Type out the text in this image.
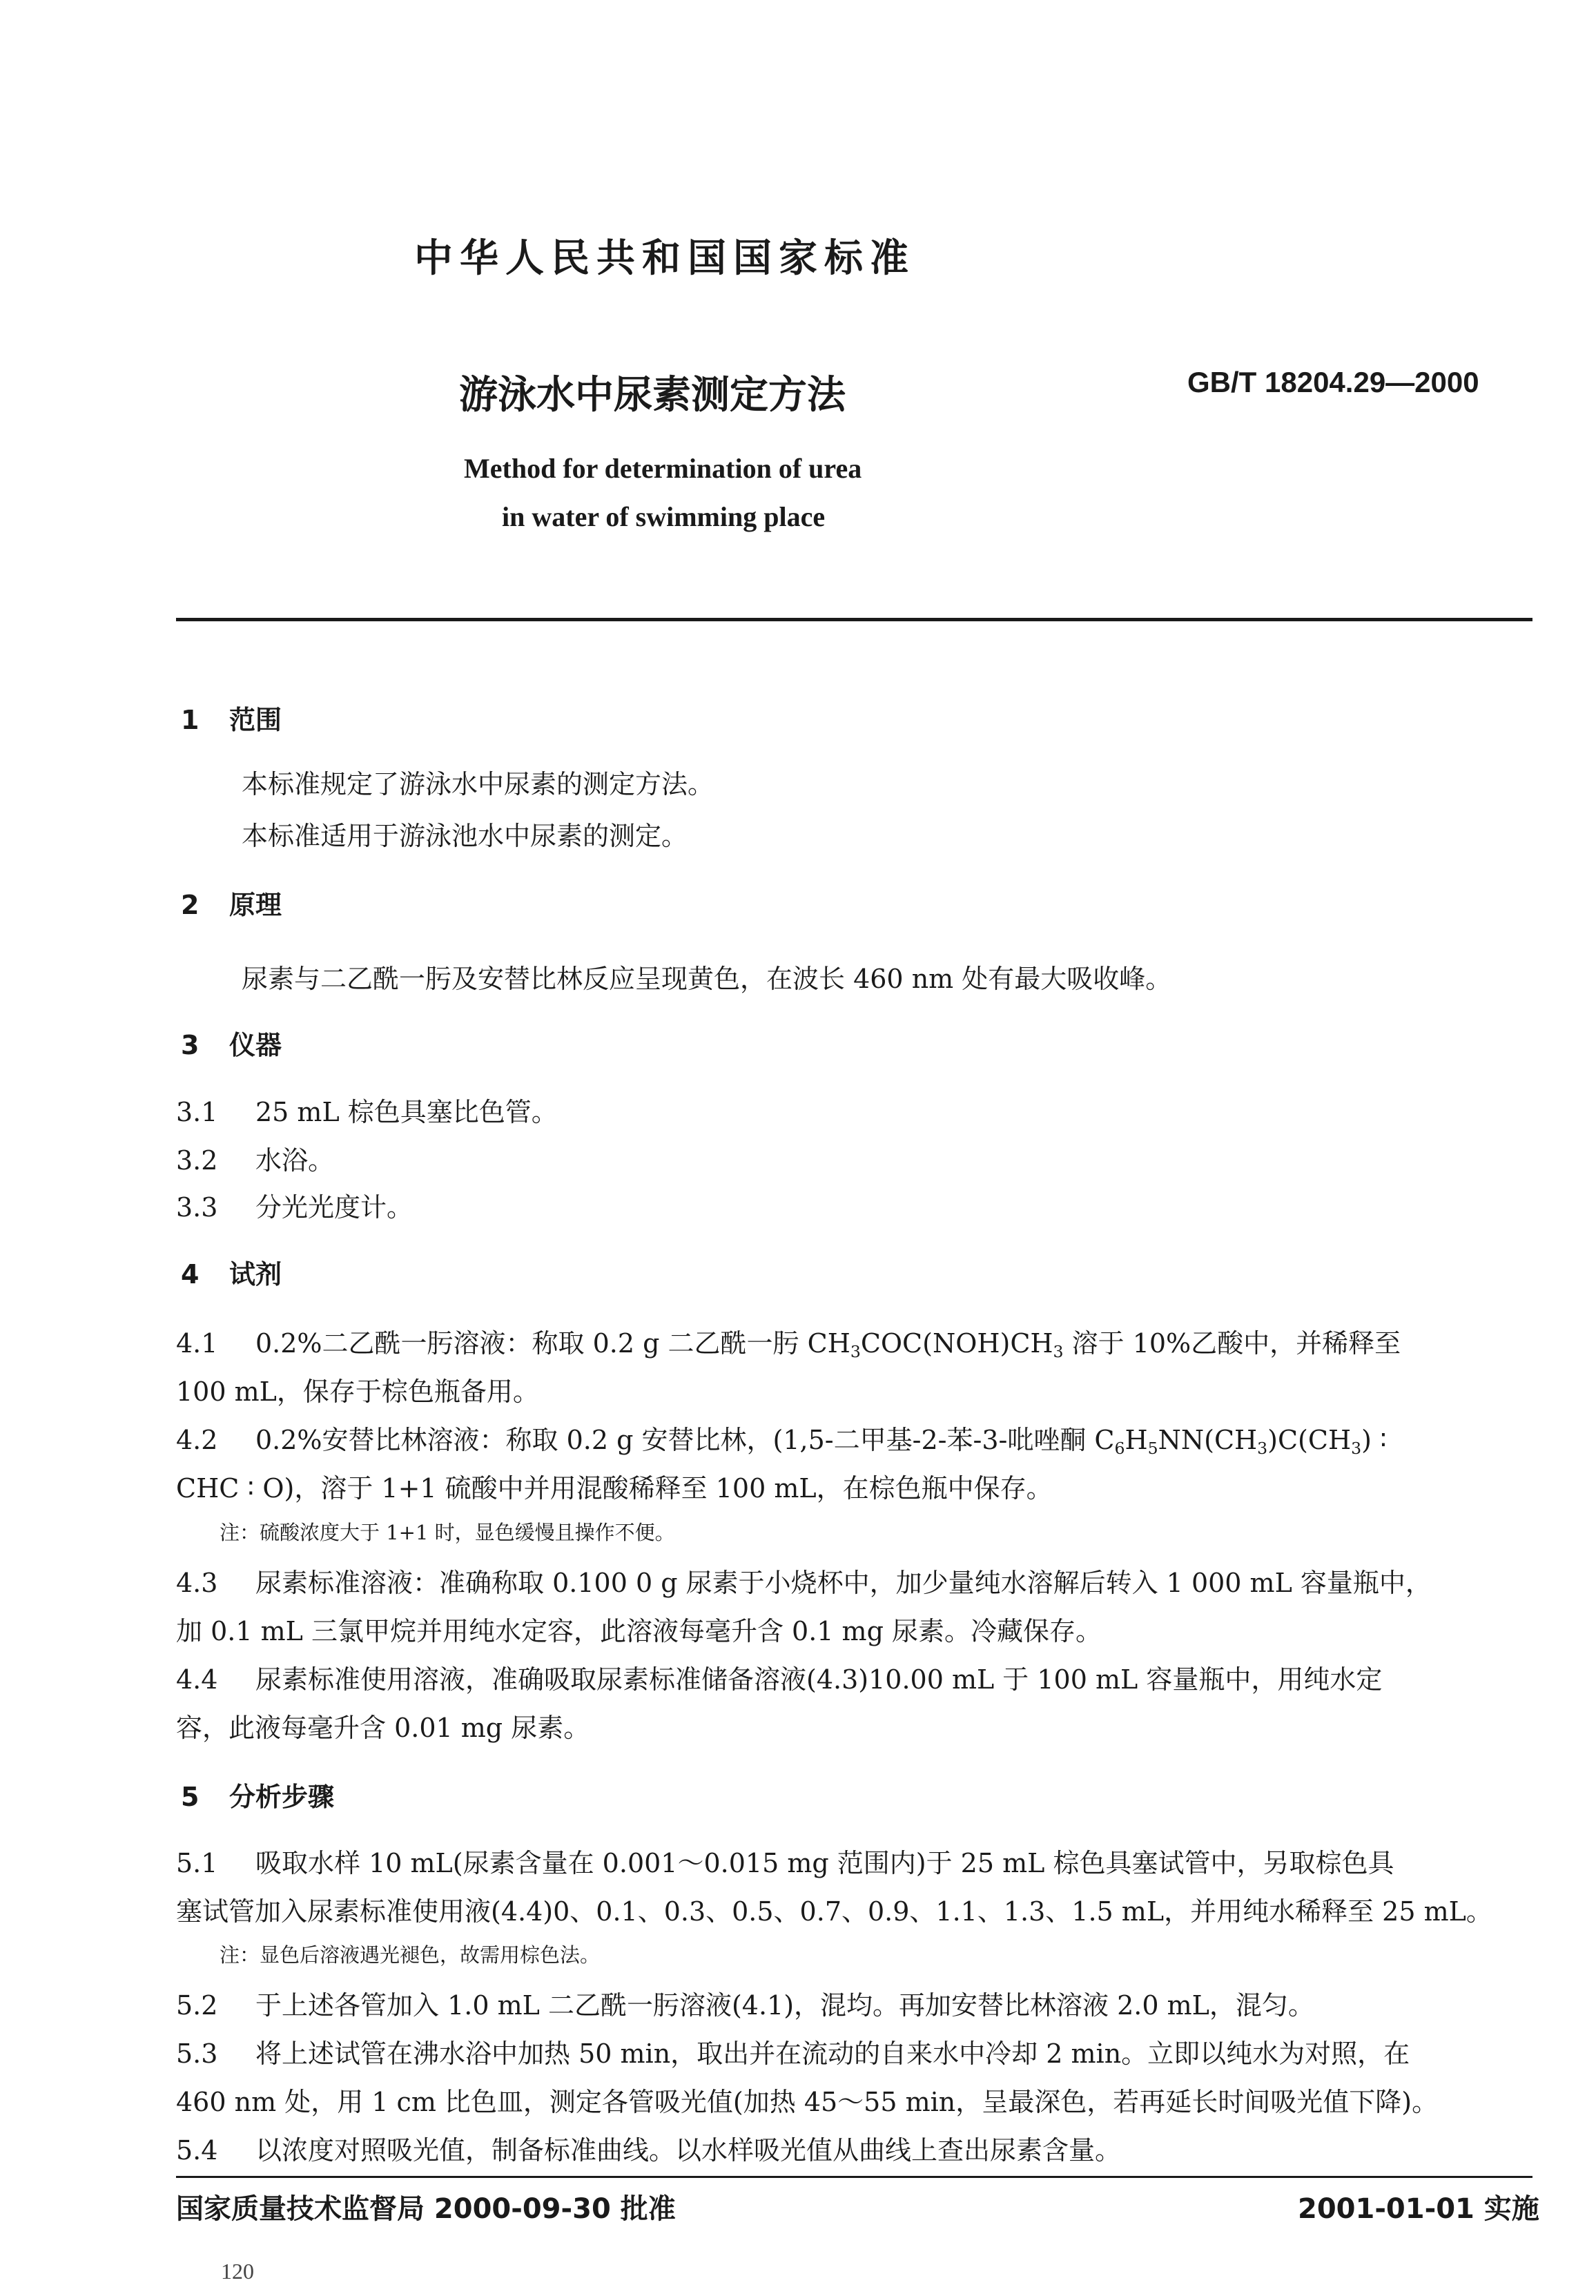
中华人民共和国国家标准
游泳水中尿素测定方法	GB/T 18204.29—2000
Method for determination of urea
in water of swimming place
1 范围
本标准规定了游泳水中尿素的测定方法。
本标准适用于游泳池水中尿素的测定。
2 原理
尿素与二乙酰一肟及安替比林反应呈现黄色，在波长 460 nm 处有最大吸收峰。
3 仪器
3.1 25 mL 棕色具塞比色管。
3.2 水浴。
3.3 分光光度计。
4 试剂
4.1 0.2%二乙酰一肟溶液：称取 0.2 g 二乙酰一肟 $CH_3COC(NOH)CH_3$ 溶于 10%乙酸中，并稀释至
100 mL，保存于棕色瓶备用。
4.2 0.2%安替比林溶液：称取 0.2 g 安替比林，(1,5-二甲基-2-苯-3-吡唑酮 $C_6H_5NN(CH_3)C(CH_3)$ ∶
CHC ∶ O)，溶于 1+1 硫酸中并用混酸稀释至 100 mL，在棕色瓶中保存。
注：硫酸浓度大于 1+1 时，显色缓慢且操作不便。
4.3 尿素标准溶液：准确称取 0.100 0 g 尿素于小烧杯中，加少量纯水溶解后转入 1 000 mL 容量瓶中，
加 0.1 mL 三氯甲烷并用纯水定容，此溶液每毫升含 0.1 mg 尿素。冷藏保存。
4.4 尿素标准使用溶液，准确吸取尿素标准储备溶液(4.3)10.00 mL 于 100 mL 容量瓶中，用纯水定
容，此液每毫升含 0.01 mg 尿素。
5 分析步骤
5.1 吸取水样 10 mL(尿素含量在 0.001～0.015 mg 范围内)于 25 mL 棕色具塞试管中，另取棕色具
塞试管加入尿素标准使用液(4.4)0、0.1、0.3、0.5、0.7、0.9、1.1、1.3、1.5 mL，并用纯水稀释至 25 mL。
注：显色后溶液遇光褪色，故需用棕色法。
5.2 于上述各管加入 1.0 mL 二乙酰一肟溶液(4.1)，混均。再加安替比林溶液 2.0 mL，混匀。
5.3 将上述试管在沸水浴中加热 50 min，取出并在流动的自来水中冷却 2 min。立即以纯水为对照，在
460 nm 处，用 1 cm 比色皿，测定各管吸光值(加热 45～55 min，呈最深色，若再延长时间吸光值下降)。
5.4 以浓度对照吸光值，制备标准曲线。以水样吸光值从曲线上查出尿素含量。
国家质量技术监督局 2000-09-30 批准	2001-01-01 实施
120
